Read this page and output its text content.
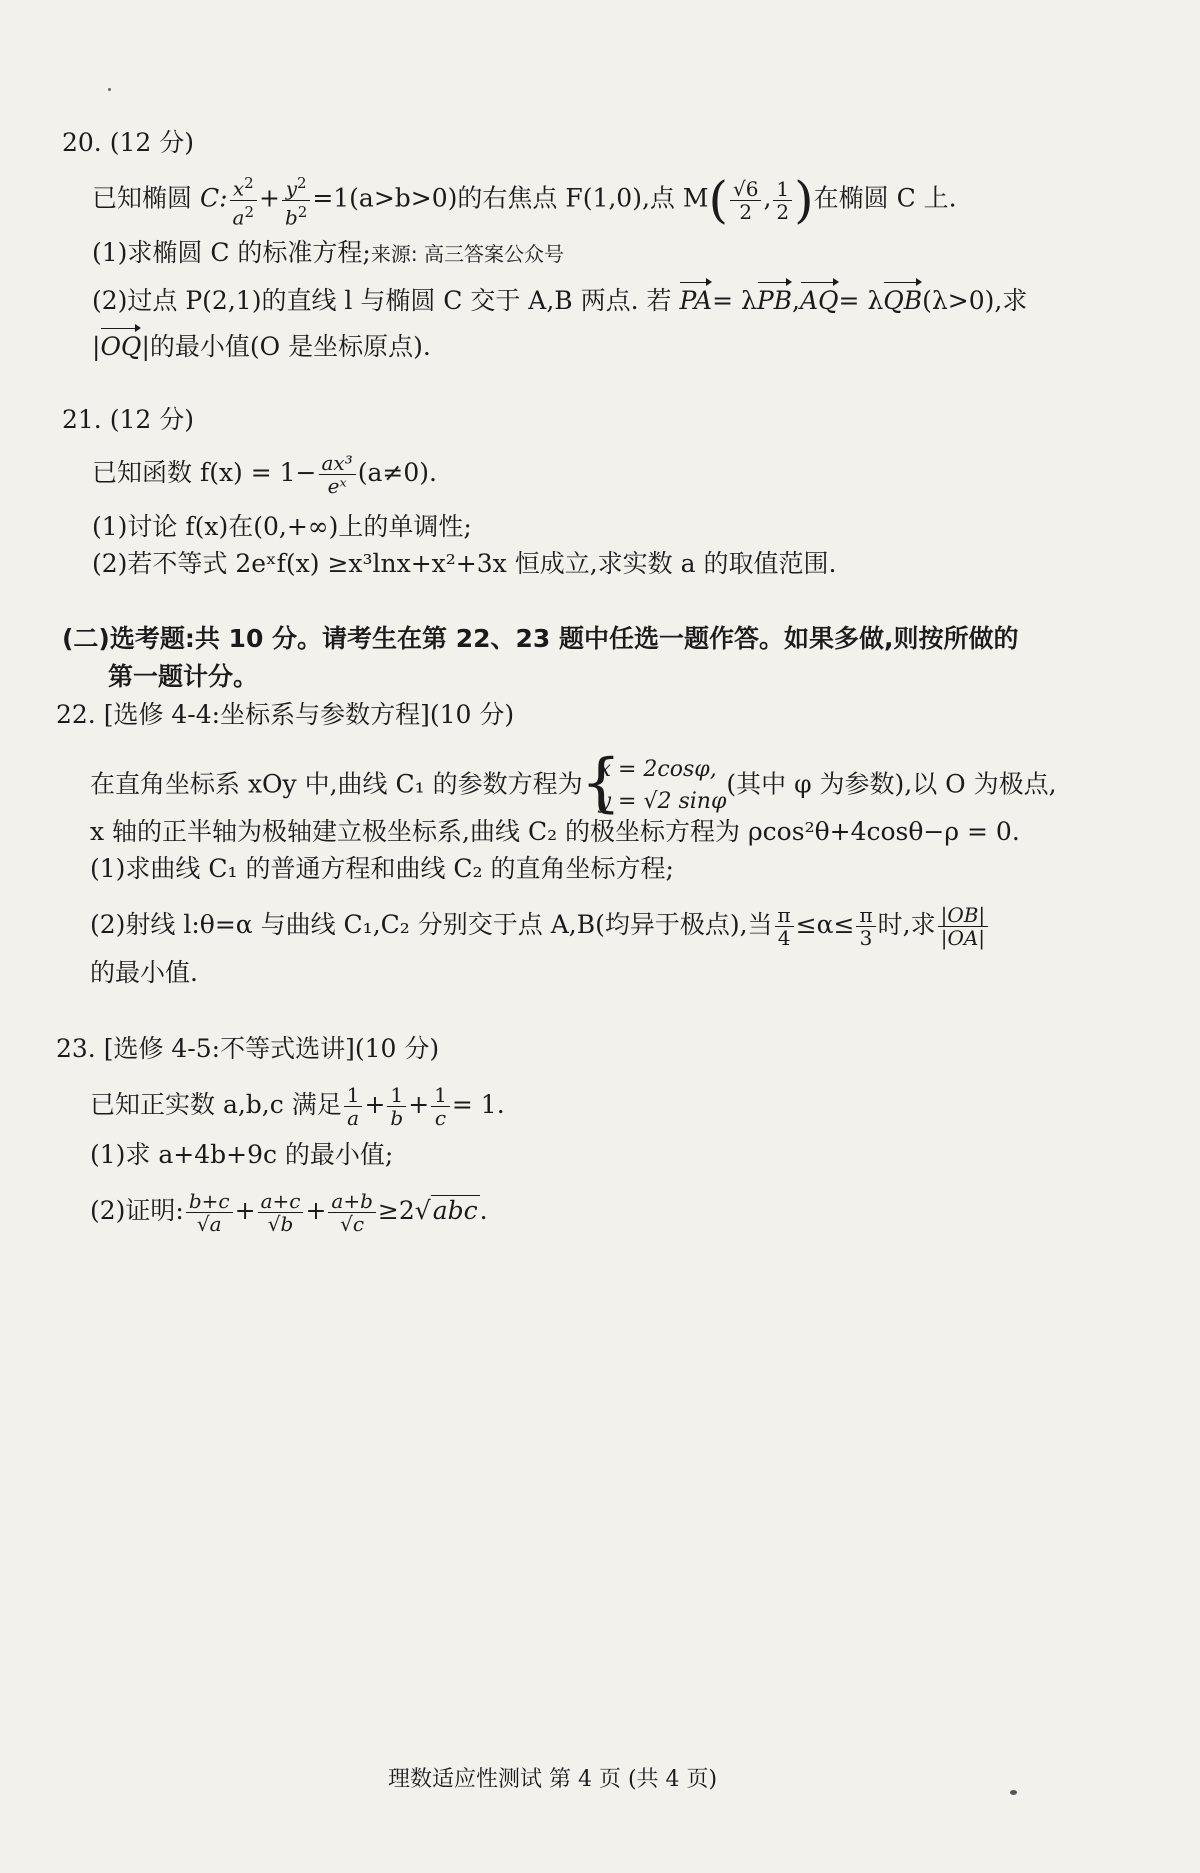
20. (12 分)
已知椭圆 C: $\frac{x^2}{a^2} + \frac{y^2}{b^2} =1(a>b>0)$的右焦点 F(1,0),点 $M( \frac{√6}{2}$ , $\frac{1}{2}$ )在椭圆 C 上.
(1)求椭圆 C 的标准方程;来源: 高三答案公众号
(2)过点 P(2,1)的直线 l 与椭圆 C 交于 A,B 两点. 若 PA= λPB,AQ= λQB(λ>0),求
|OQ|的最小值(O 是坐标原点).
21. (12 分)
已知函数 $f(x) = 1- \frac{\text{ax³}}{\text{eˣ}} (a\ne 0)$.
(1)讨论 f(x)在(0,+∞)上的单调性;
(2)若不等式 2eˣf(x) ≥x³lnx+x²+3x 恒成立,求实数 a 的取值范围.
(二)选考题:共 10 分。请考生在第 22、23 题中任选一题作答。如果多做,则按所做的
第一题计分。
22. [选修 4-4:坐标系与参数方程](10 分)
在直角坐标系 xOy 中,曲线 C₁ 的参数方程为
{
x = 2cosφ,
y = √2 sinφ
(其中 φ 为参数),以 O 为极点,
x 轴的正半轴为极轴建立极坐标系,曲线 C₂ 的极坐标方程为 ρcos²θ+4cosθ−ρ = 0.
(1)求曲线 C₁ 的普通方程和曲线 C₂ 的直角坐标方程;
(2)射线 l:θ=α 与曲线 C₁,C₂ 分别交于点 A,B(均异于极点),当 $\frac{\pi}{4} \le\alpha\le \frac{\pi}{3}$ 时,求 $\frac{|OB|}{|OA|}$
的最小值.
23. [选修 4-5:不等式选讲](10 分)
已知正实数 a,b,c 满足 $\frac{1}{a} + \frac{1}{b} + \frac{1}{c} = 1$.
(1)求 a+4b+9c 的最小值;
(2)证明: $\frac{b+c}{√a} + \frac{a+c}{√b} + \frac{a+b}{√c} \ge 2√abc$.
理数适应性测试 第 4 页 (共 4 页)
